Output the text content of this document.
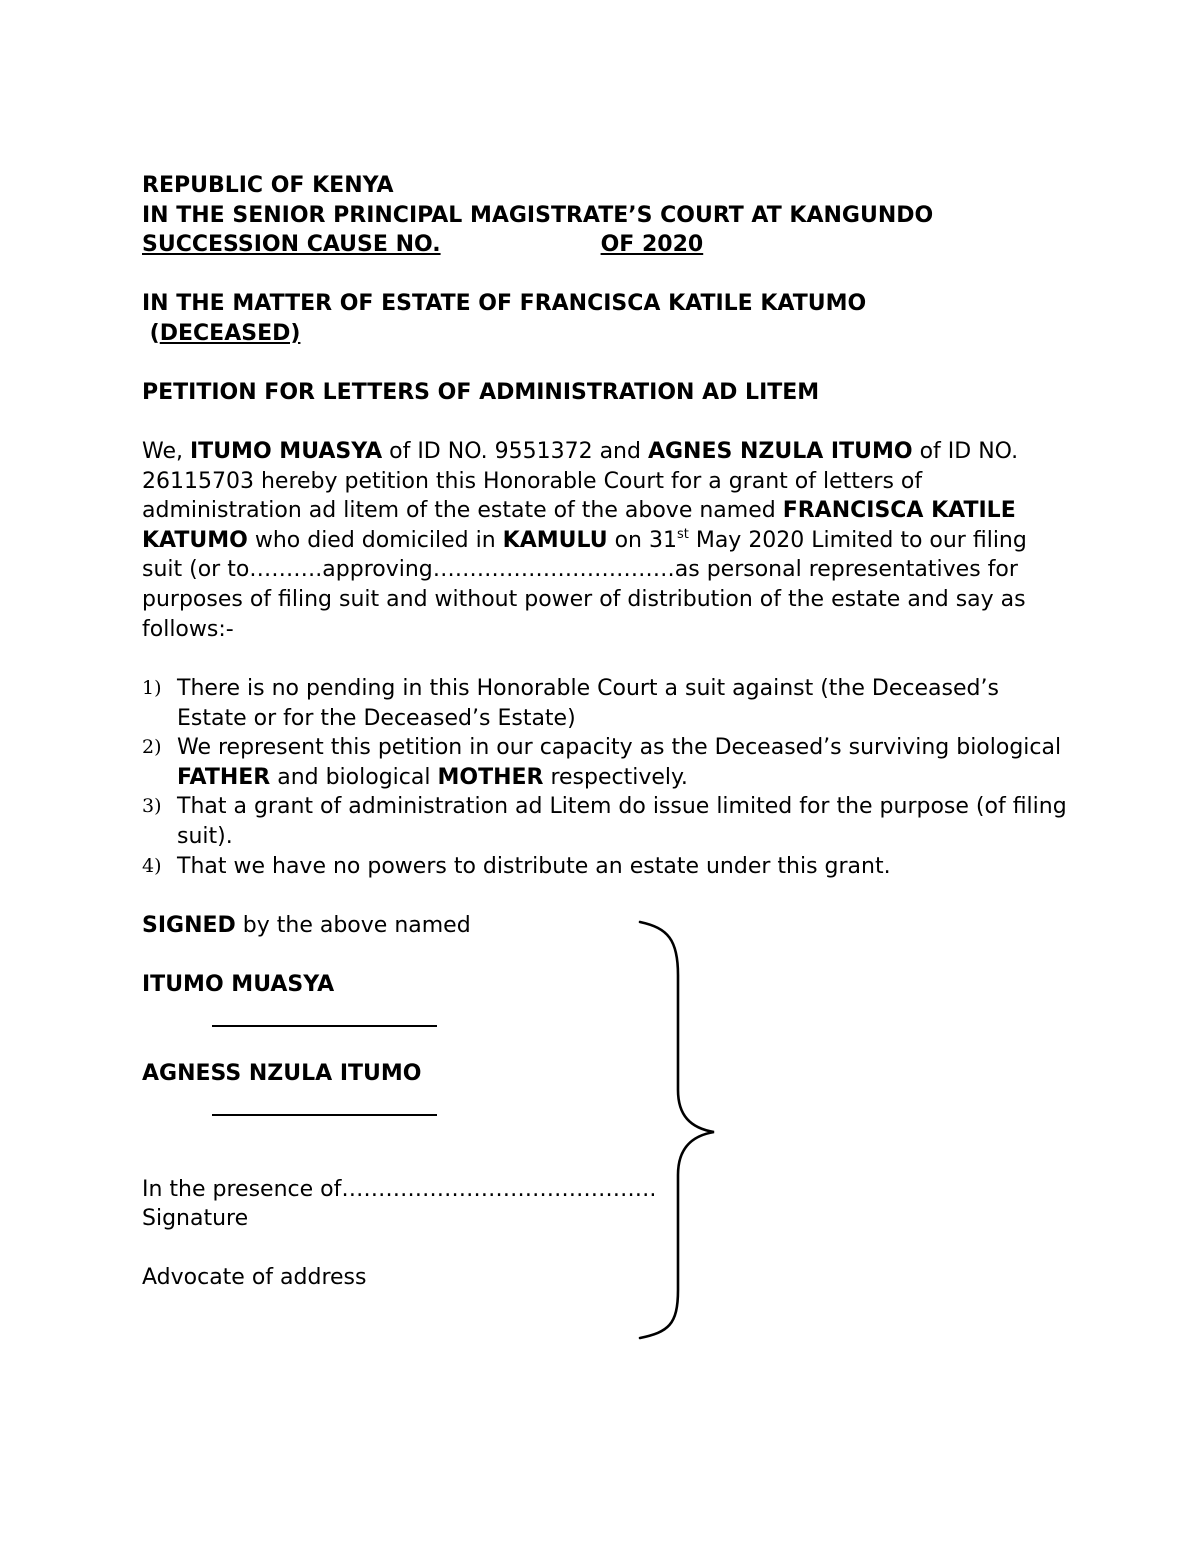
REPUBLIC OF KENYA
IN THE SENIOR PRINCIPAL MAGISTRATE’S COURT AT KANGUNDO
SUCCESSION CAUSE NO.	OF 2020
IN THE MATTER OF ESTATE OF FRANCISCA KATILE KATUMO
(DECEASED)
PETITION FOR LETTERS OF ADMINISTRATION AD LITEM
We, ITUMO MUASYA of ID NO. 9551372 and AGNES NZULA ITUMO of ID NO. 26115703 hereby petition this Honorable Court for a grant of letters of administration ad litem of the estate of the above named FRANCISCA KATILE KATUMO who died domiciled in KAMULU on 31st May 2020 Limited to our filing suit (or to……….approving……………………………as personal representatives for purposes of filing suit and without power of distribution of the estate and say as follows:-
1) There is no pending in this Honorable Court a suit against (the Deceased’s Estate or for the Deceased’s Estate)
2) We represent this petition in our capacity as the Deceased’s surviving biological FATHER and biological MOTHER respectively.
3) That a grant of administration ad Litem do issue limited for the purpose (of filing suit).
4) That we have no powers to distribute an estate under this grant.
SIGNED by the above named
ITUMO MUASYA
AGNESS NZULA ITUMO
In the presence of…………………………………….
Signature
Advocate of address
